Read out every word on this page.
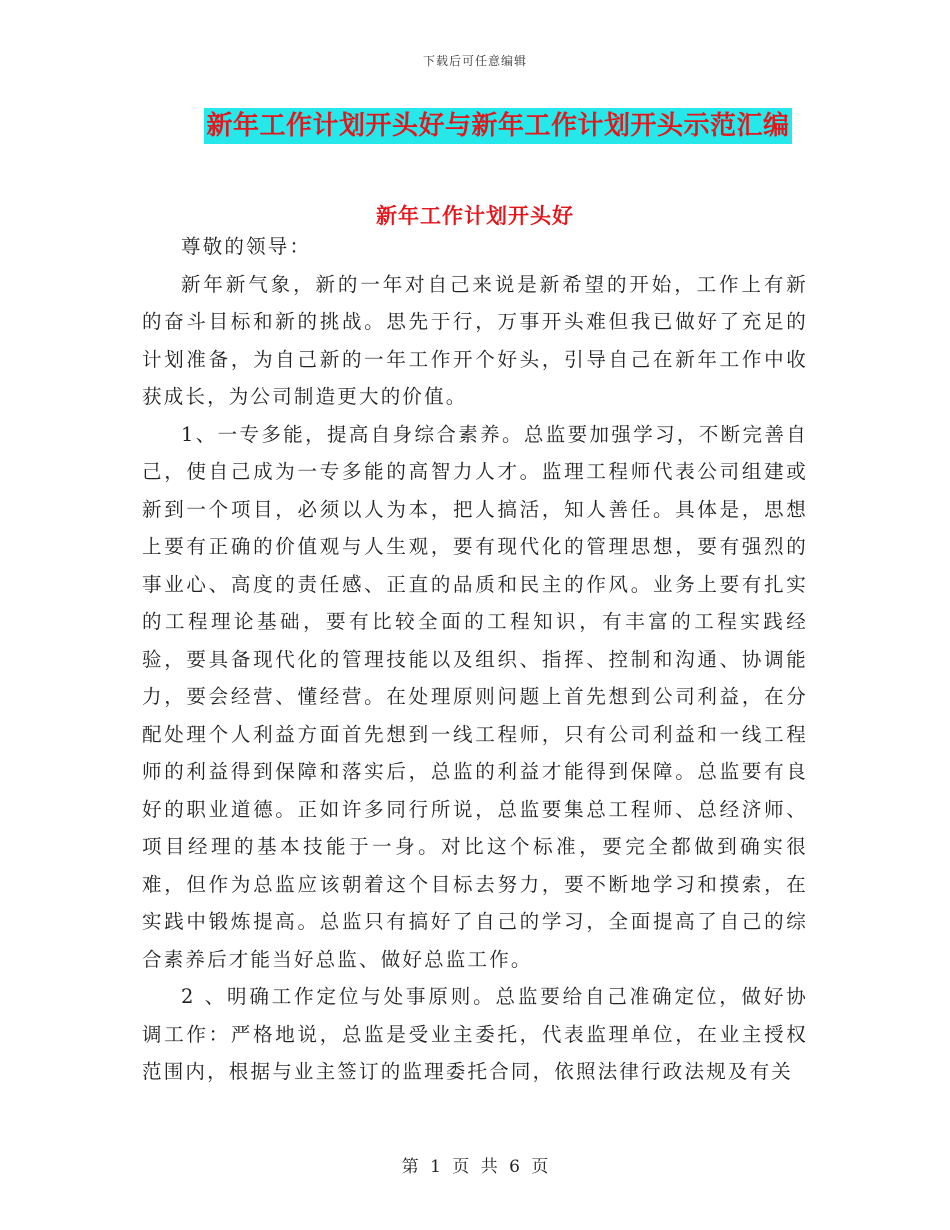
下载后可任意编辑
新年工作计划开头好与新年工作计划开头示范汇编
新年工作计划开头好

尊敬的领导：

新年新气象，新的一年对自己来说是新希望的开始，工作上有新的奋斗目标和新的挑战。思先于行，万事开头难但我已做好了充足的计划准备，为自己新的一年工作开个好头，引导自己在新年工作中收获成长，为公司制造更大的价值。

1、一专多能，提高自身综合素养。总监要加强学习，不断完善自己，使自己成为一专多能的高智力人才。监理工程师代表公司组建或新到一个项目，必须以人为本，把人搞活，知人善任。具体是，思想上要有正确的价值观与人生观，要有现代化的管理思想，要有强烈的事业心、高度的责任感、正直的品质和民主的作风。业务上要有扎实的工程理论基础，要有比较全面的工程知识，有丰富的工程实践经验，要具备现代化的管理技能以及组织、指挥、控制和沟通、协调能力，要会经营、懂经营。在处理原则问题上首先想到公司利益，在分配处理个人利益方面首先想到一线工程师，只有公司利益和一线工程师的利益得到保障和落实后，总监的利益才能得到保障。总监要有良好的职业道德。正如许多同行所说，总监要集总工程师、总经济师、项目经理的基本技能于一身。对比这个标准，要完全都做到确实很难，但作为总监应该朝着这个目标去努力，要不断地学习和摸索，在实践中锻炼提高。总监只有搞好了自己的学习，全面提高了自己的综合素养后才能当好总监、做好总监工作。

2 、明确工作定位与处事原则。总监要给自己准确定位，做好协调工作：严格地说，总监是受业主委托，代表监理单位，在业主授权范围内，根据与业主签订的监理委托合同，依照法律行政法规及有关

第 1 页 共 6 页
